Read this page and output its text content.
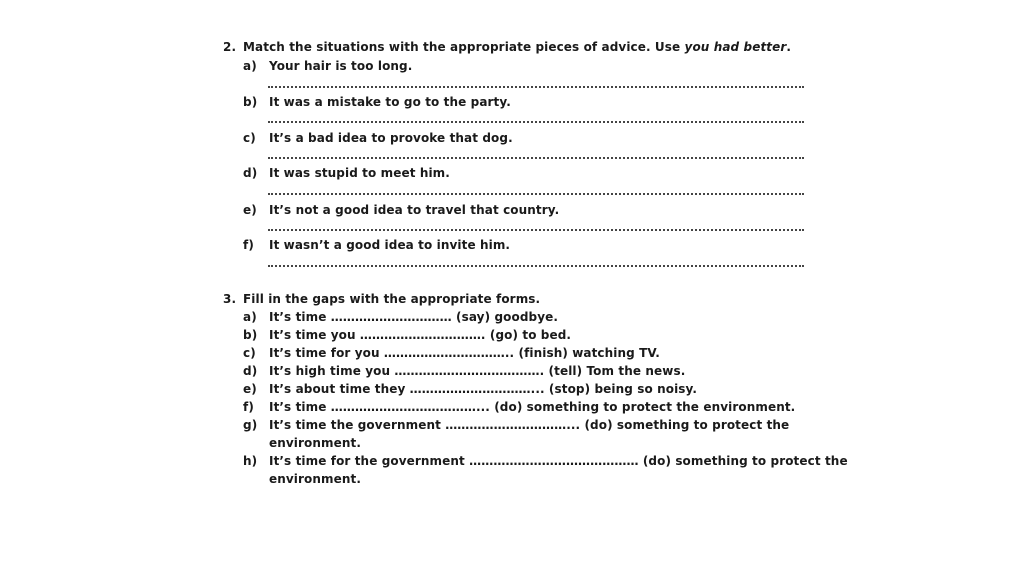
2. Match the situations with the appropriate pieces of advice. Use you had better.
a) Your hair is too long.
b) It was a mistake to go to the party.
c) It’s a bad idea to provoke that dog.
d) It was stupid to meet him.
e) It’s not a good idea to travel that country.
f) It wasn’t a good idea to invite him.
3. Fill in the gaps with the appropriate forms.
a) It’s time ………………………… (say) goodbye.
b) It’s time you …………………………. (go) to bed.
c) It’s time for you ………………………….. (finish) watching TV.
d) It’s high time you ………………………………. (tell) Tom the news.
e) It’s about time they …………………………... (stop) being so noisy.
f) It’s time ………………………………... (do) something to protect the environment.
g) It’s time the government …………………………... (do) something to protect the
environment.
h) It’s time for the government …………………………………… (do) something to protect the
environment.
